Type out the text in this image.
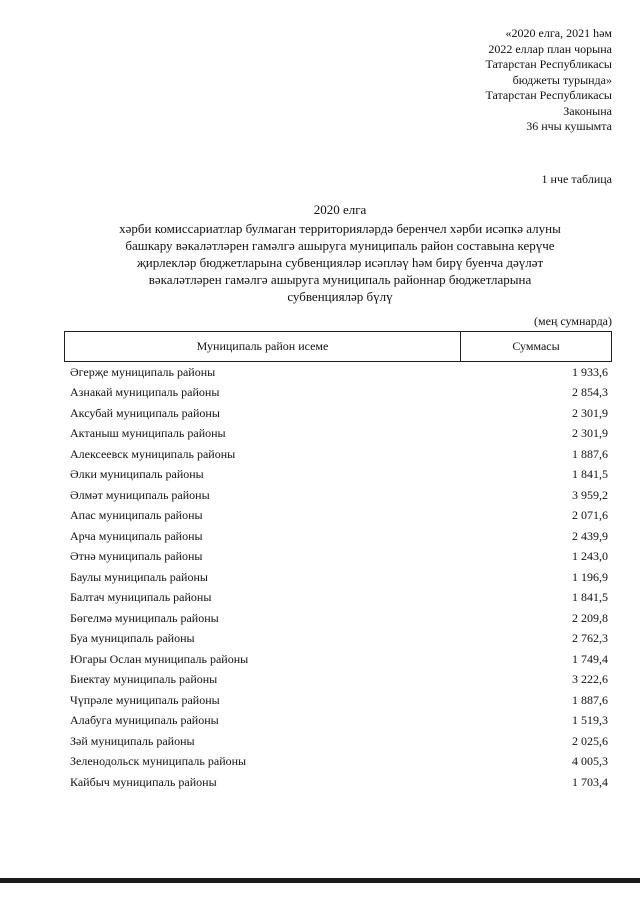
«2020 елга, 2021 һәм
2022 еллар план чорына
Татарстан Республикасы
бюджеты турында»
Татарстан Республикасы
Законына
36 нчы кушымта
1 нче таблица
2020 елга
хәрби комиссариатлар булмаган территорияләрдә беренчел хәрби исәпкә алуны
башкару вәкаләтләрен гамәлгә ашыруга муниципаль район составына керүче
җирлекләр бюджетларына субвенцияләр исәпләү һәм бирү буенча дәүләт
вәкаләтләрен гамәлгә ашыруга муниципаль районнар бюджетларына
субвенцияләр бүлү
(мең сумнарда)
Муниципаль район исеме	Суммасы
Әгерҗе муниципаль районы	1 933,6
Азнакай муниципаль районы	2 854,3
Аксубай муниципаль районы	2 301,9
Актаныш муниципаль районы	2 301,9
Алексеевск муниципаль районы	1 887,6
Әлки муниципаль районы	1 841,5
Әлмәт муниципаль районы	3 959,2
Апас муниципаль районы	2 071,6
Арча муниципаль районы	2 439,9
Әтнә муниципаль районы	1 243,0
Баулы муниципаль районы	1 196,9
Балтач муниципаль районы	1 841,5
Бөгелмә муниципаль районы	2 209,8
Буа муниципаль районы	2 762,3
Югары Ослан муниципаль районы	1 749,4
Биектау муниципаль районы	3 222,6
Чүпрәле муниципаль районы	1 887,6
Алабуга муниципаль районы	1 519,3
Зәй муниципаль районы	2 025,6
Зеленодольск муниципаль районы	4 005,3
Кайбыч муниципаль районы	1 703,4
